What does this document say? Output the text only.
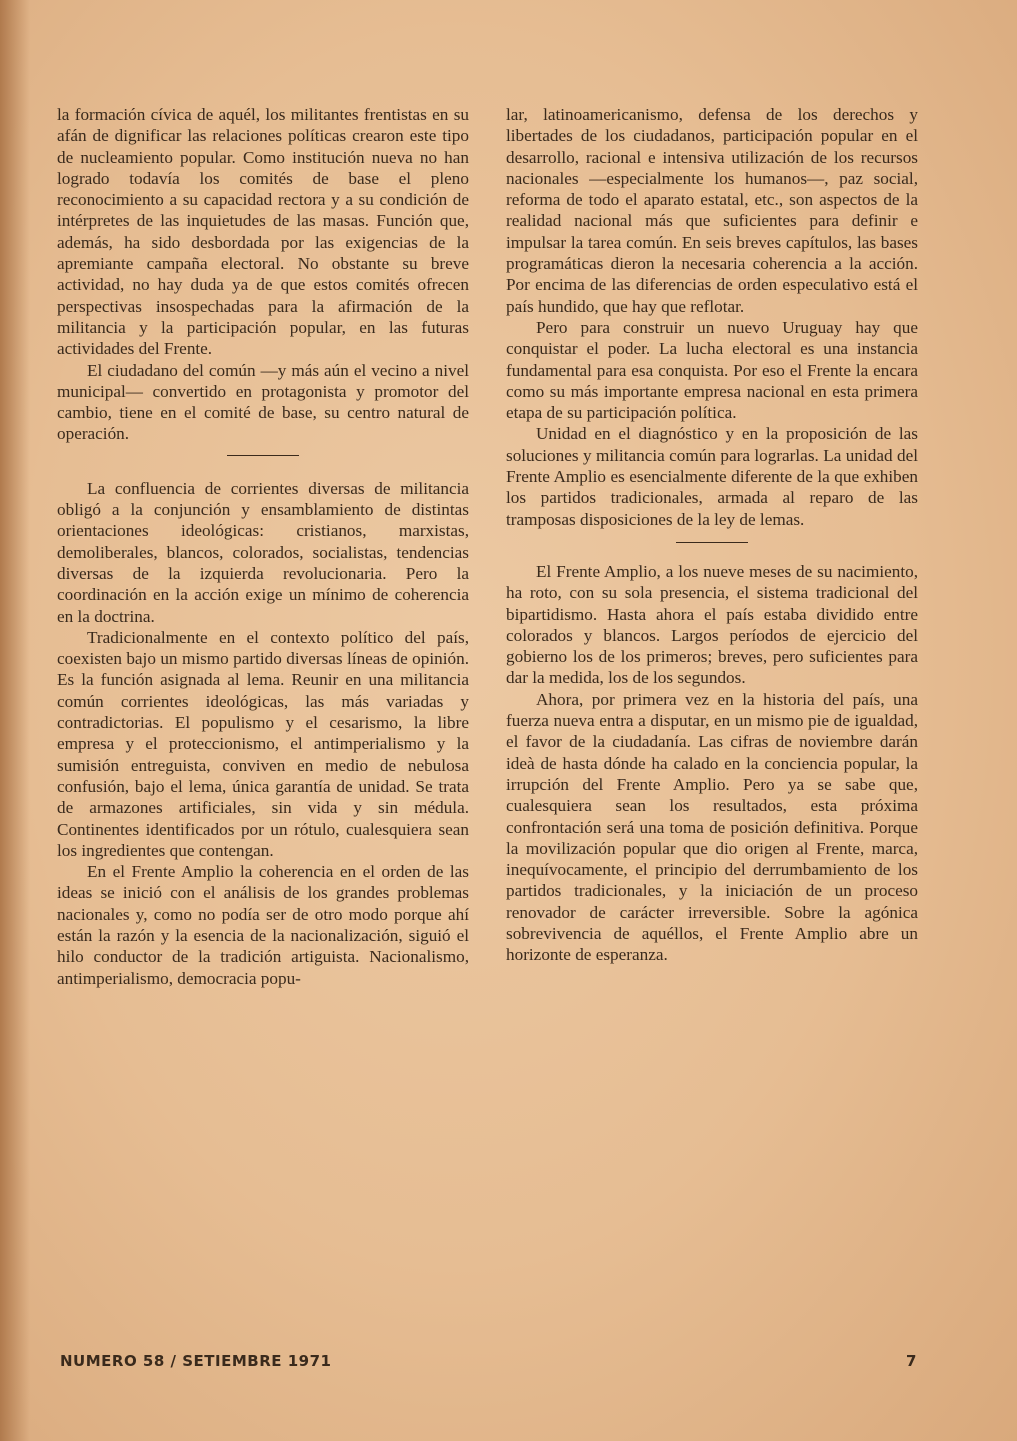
la formación cívica de aquél, los militantes frentistas en su afán de dignificar las relaciones políticas crearon este tipo de nucleamiento popular. Como institución nueva no han logrado todavía los comités de base el pleno reconocimiento a su capacidad rectora y a su condición de intérpretes de las inquietudes de las masas. Función que, además, ha sido desbordada por las exigencias de la apremiante campaña electoral. No obstante su breve actividad, no hay duda ya de que estos comités ofrecen perspectivas insospechadas para la afirmación de la militancia y la participación popular, en las futuras actividades del Frente.

El ciudadano del común —y más aún el vecino a nivel municipal— convertido en protagonista y promotor del cambio, tiene en el comité de base, su centro natural de operación.

La confluencia de corrientes diversas de militancia obligó a la conjunción y ensamblamiento de distintas orientaciones ideológicas: cristianos, marxistas, demoliberales, blancos, colorados, socialistas, tendencias diversas de la izquierda revolucionaria. Pero la coordinación en la acción exige un mínimo de coherencia en la doctrina.

Tradicionalmente en el contexto político del país, coexisten bajo un mismo partido diversas líneas de opinión. Es la función asignada al lema. Reunir en una militancia común corrientes ideológicas, las más variadas y contradictorias. El populismo y el cesarismo, la libre empresa y el proteccionismo, el antimperialismo y la sumisión entreguista, conviven en medio de nebulosa confusión, bajo el lema, única garantía de unidad. Se trata de armazones artificiales, sin vida y sin médula. Continentes identificados por un rótulo, cualesquiera sean los ingredientes que contengan.

En el Frente Amplio la coherencia en el orden de las ideas se inició con el análisis de los grandes problemas nacionales y, como no podía ser de otro modo porque ahí están la razón y la esencia de la nacionalización, siguió el hilo conductor de la tradición artiguista. Nacionalismo, antimperialismo, democracia popu-

lar, latinoamericanismo, defensa de los derechos y libertades de los ciudadanos, participación popular en el desarrollo, racional e intensiva utilización de los recursos nacionales —especialmente los humanos—, paz social, reforma de todo el aparato estatal, etc., son aspectos de la realidad nacional más que suficientes para definir e impulsar la tarea común. En seis breves capítulos, las bases programáticas dieron la necesaria coherencia a la acción. Por encima de las diferencias de orden especulativo está el país hundido, que hay que reflotar.

Pero para construir un nuevo Uruguay hay que conquistar el poder. La lucha electoral es una instancia fundamental para esa conquista. Por eso el Frente la encara como su más importante empresa nacional en esta primera etapa de su participación política.

Unidad en el diagnóstico y en la proposición de las soluciones y militancia común para lograrlas. La unidad del Frente Amplio es esencialmente diferente de la que exhiben los partidos tradicionales, armada al reparo de las tramposas disposiciones de la ley de lemas.

El Frente Amplio, a los nueve meses de su nacimiento, ha roto, con su sola presencia, el sistema tradicional del bipartidismo. Hasta ahora el país estaba dividido entre colorados y blancos. Largos períodos de ejercicio del gobierno los de los primeros; breves, pero suficientes para dar la medida, los de los segundos.

Ahora, por primera vez en la historia del país, una fuerza nueva entra a disputar, en un mismo pie de igualdad, el favor de la ciudadanía. Las cifras de noviembre darán ideà de hasta dónde ha calado en la conciencia popular, la irrupción del Frente Amplio. Pero ya se sabe que, cualesquiera sean los resultados, esta próxima confrontación será una toma de posición definitiva. Porque la movilización popular que dio origen al Frente, marca, inequívocamente, el principio del derrumbamiento de los partidos tradicionales, y la iniciación de un proceso renovador de carácter irreversible. Sobre la agónica sobrevivencia de aquéllos, el Frente Amplio abre un horizonte de esperanza.

NUMERO 58 / SETIEMBRE 1971	7
